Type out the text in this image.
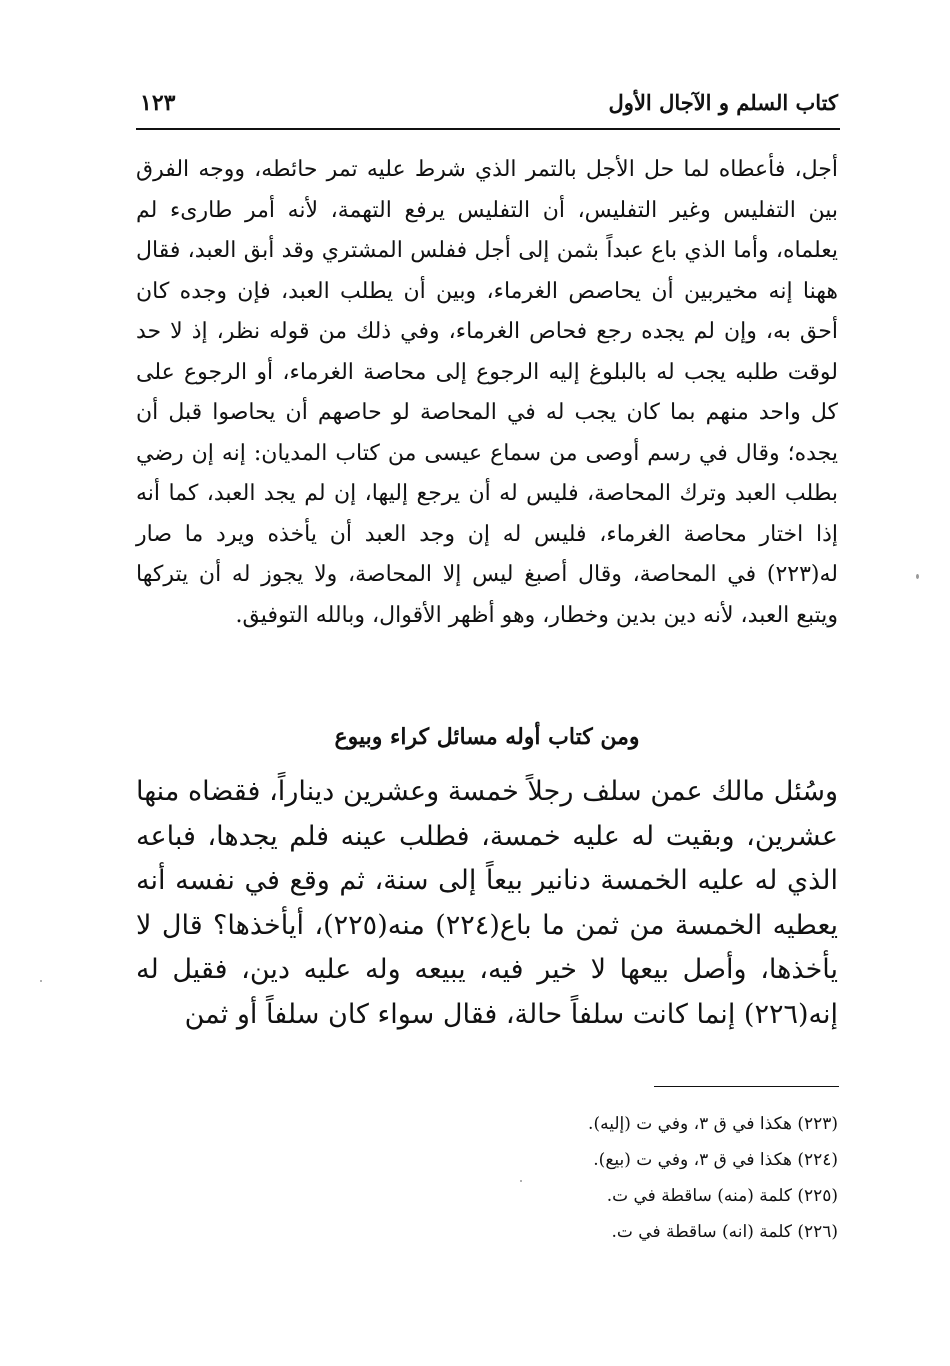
كتاب السلم و الآجال الأول
١٢٣

أجل، فأعطاه لما حل الأجل بالتمر الذي شرط عليه تمر حائطه، ووجه الفرق بين التفليس وغير التفليس، أن التفليس يرفع التهمة، لأنه أمر طارىء لم يعلماه، وأما الذي باع عبداً بثمن إلى أجل ففلس المشتري وقد أبق العبد، فقال ههنا إنه مخيربين أن يحاصص الغرماء، وبين أن يطلب العبد، فإن وجده كان أحق به، وإن لم يجده رجع فحاص الغرماء، وفي ذلك من قوله نظر، إذ لا حد لوقت طلبه يجب له بالبلوغ إليه الرجوع إلى محاصة الغرماء، أو الرجوع على كل واحد منهم بما كان يجب له في المحاصة لو حاصهم أن يحاصوا قبل أن يجده؛ وقال في رسم أوصى من سماع عيسى من كتاب المديان: إنه إن رضي بطلب العبد وترك المحاصة، فليس له أن يرجع إليها، إن لم يجد العبد، كما أنه إذا اختار محاصة الغرماء، فليس له إن وجد العبد أن يأخذه ويرد ما صار له(٢٢٣) في المحاصة، وقال أصبغ ليس إلا المحاصة، ولا يجوز له أن يتركها ويتبع العبد، لأنه دين بدين وخطار، وهو أظهر الأقوال، وبالله التوفيق.

ومن كتاب أوله مسائل كراء وبيوع

وسُئل مالك عمن سلف رجلاً خمسة وعشرين ديناراً، فقضاه منها عشرين، وبقيت له عليه خمسة، فطلب عينه فلم يجدها، فباعه الذي له عليه الخمسة دنانير بيعاً إلى سنة، ثم وقع في نفسه أنه يعطيه الخمسة من ثمن ما باع(٢٢٤) منه(٢٢٥)، أيأخذها؟ قال لا يأخذها، وأصل بيعها لا خير فيه، يبيعه وله عليه دين، فقيل له إنه(٢٢٦) إنما كانت سلفاً حالة، فقال سواء كان سلفاً أو ثمن

(٢٢٣) هكذا في ق ٣، وفي ت (إليه).
(٢٢٤) هكذا في ق ٣، وفي ت (بيع).
(٢٢٥) كلمة (منه) ساقطة في ت.
(٢٢٦) كلمة (انه) ساقطة في ت.
